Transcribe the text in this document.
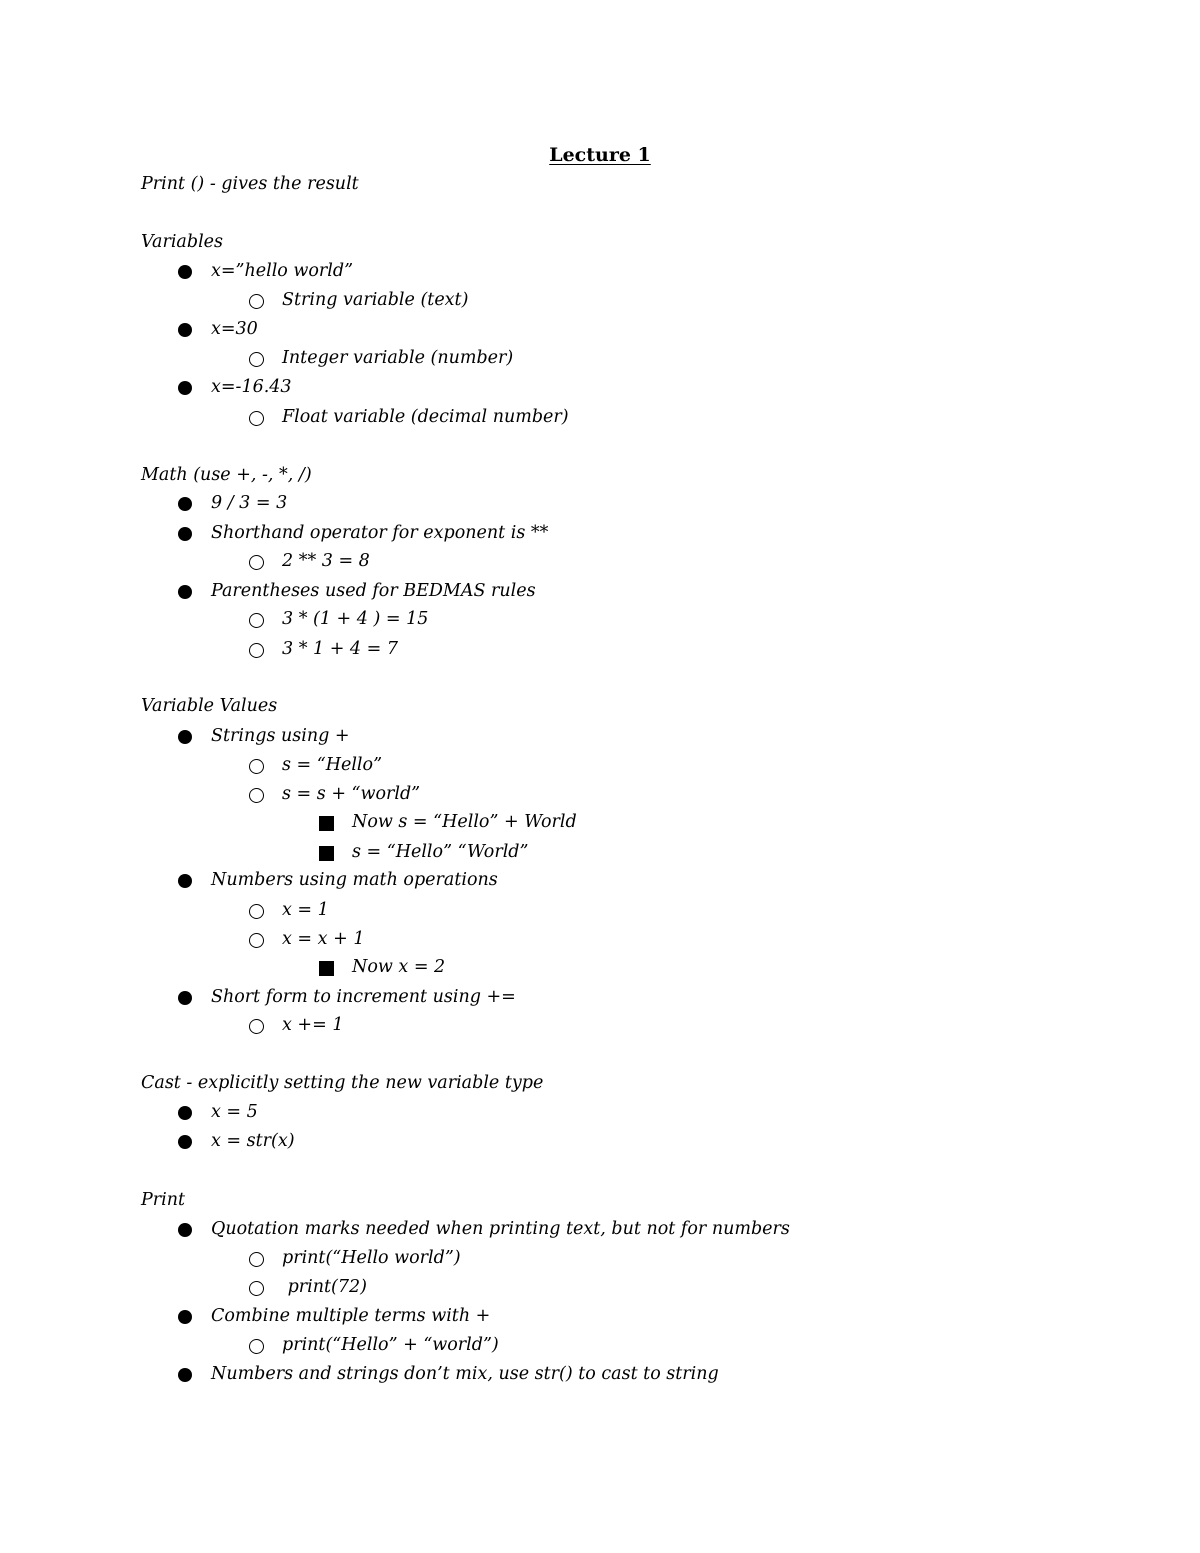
Lecture 1
Print () - gives the result
Variables
x=”hello world”
String variable (text)
x=30
Integer variable (number)
x=-16.43
Float variable (decimal number)
Math (use +, -, *, /)
9 / 3 = 3
Shorthand operator for exponent is **
2 ** 3 = 8
Parentheses used for BEDMAS rules
3 * (1 + 4 ) = 15
3 * 1 + 4 = 7
Variable Values
Strings using +
s = “Hello”
s = s + “world”
Now s = “Hello” + World
s = “Hello” “World”
Numbers using math operations
x = 1
x = x + 1
Now x = 2
Short form to increment using +=
x += 1
Cast - explicitly setting the new variable type
x = 5
x = str(x)
Print
Quotation marks needed when printing text, but not for numbers
print(“Hello world”)
print(72)
Combine multiple terms with +
print(“Hello” + “world”)
Numbers and strings don’t mix, use str() to cast to string
